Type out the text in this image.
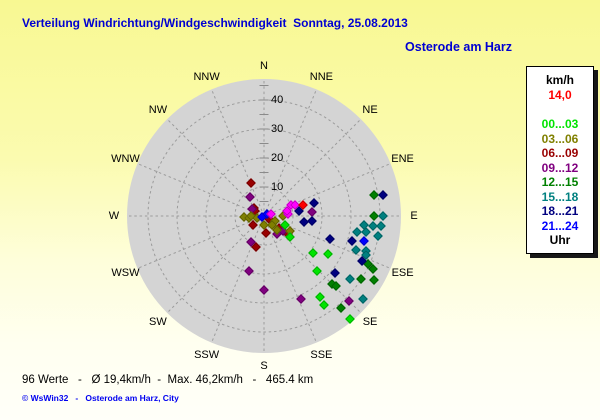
Verteilung Windrichtung/Windgeschwindigkeit  Sonntag, 25.08.2013
Osterode am Harz
10
20
30
40
N
NNE
NE
ENE
E
ESE
SE
SSE
S
SSW
SW
WSW
W
WNW
NW
NNW	km/h
14,0
00...03
03...06
06...09
09...12
12...15
15...18
18...21
21...24
Uhr
96 Werte   -   Ø 19,4km/h  -  Max. 46,2km/h   -   465.4 km
© WsWin32   -   Osterode am Harz, City
